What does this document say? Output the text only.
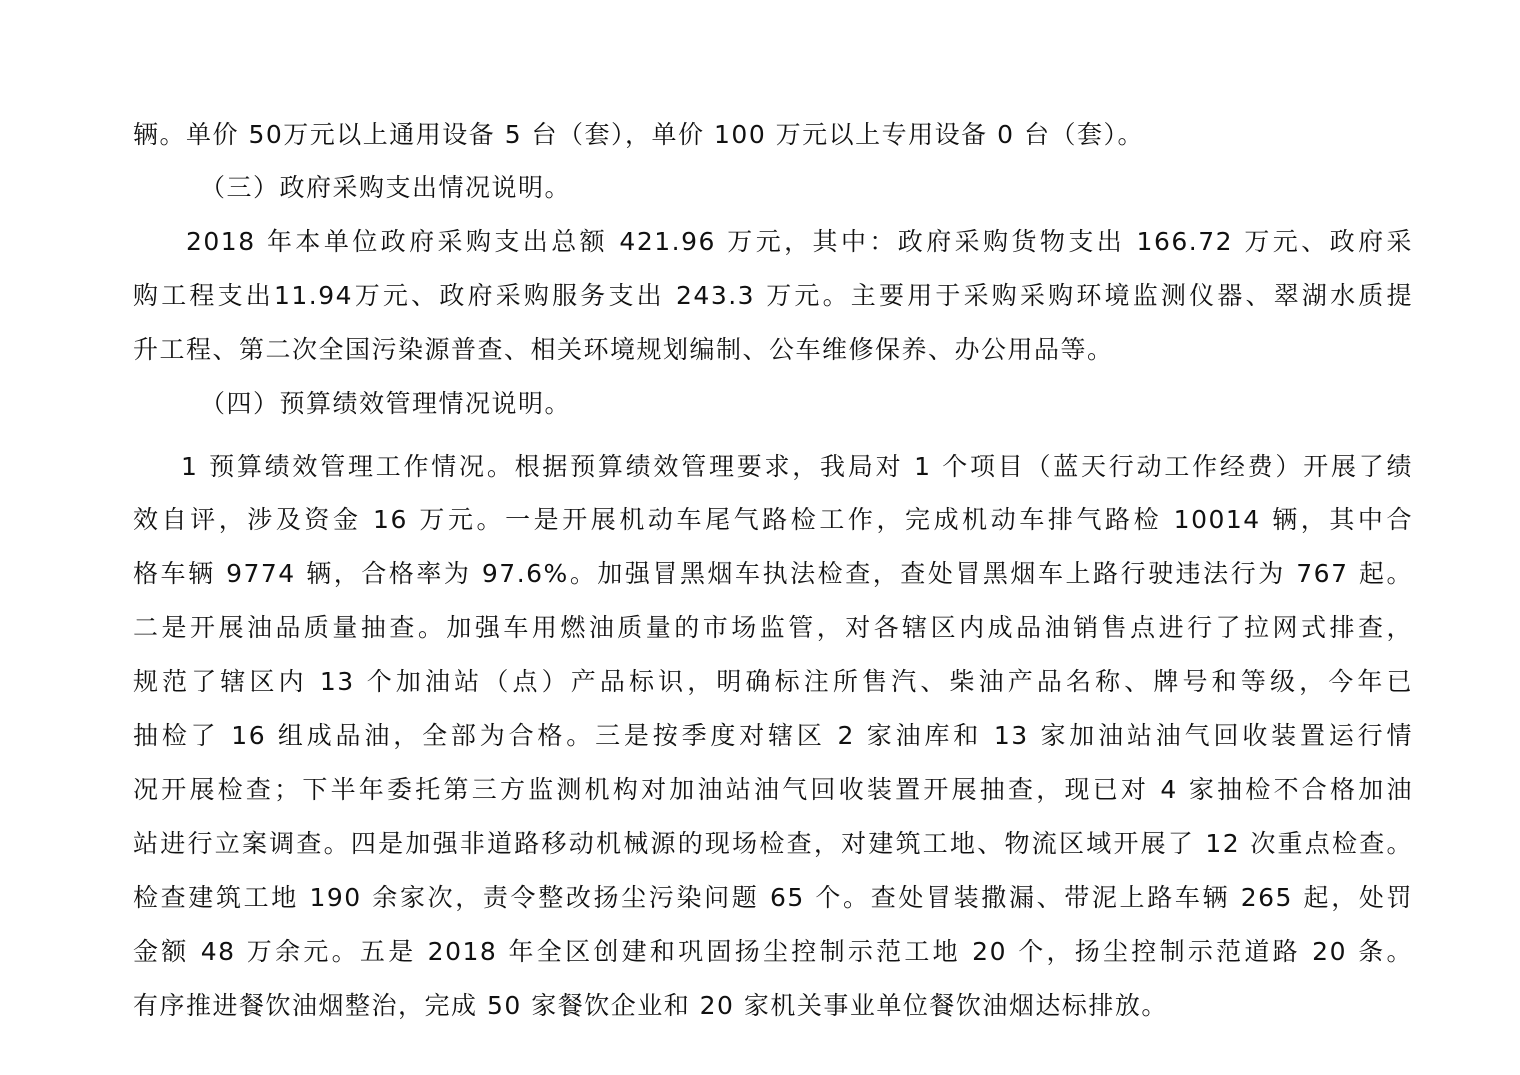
辆。单价 50万元以上通用设备 5 台（套），单价 100 万元以上专用设备 0 台（套）。
（三）政府采购支出情况说明。
2018 年本单位政府采购支出总额 421.96 万元，其中：政府采购货物支出 166.72 万元、政府采
购工程支出11.94万元、政府采购服务支出 243.3 万元。主要用于采购采购环境监测仪器、翠湖水质提
升工程、第二次全国污染源普查、相关环境规划编制、公车维修保养、办公用品等。
（四）预算绩效管理情况说明。
1 预算绩效管理工作情况。根据预算绩效管理要求，我局对 1 个项目（蓝天行动工作经费）开展了绩
效自评，涉及资金 16 万元。一是开展机动车尾气路检工作，完成机动车排气路检 10014 辆，其中合
格车辆 9774 辆，合格率为 97.6%。加强冒黑烟车执法检查，查处冒黑烟车上路行驶违法行为 767 起。
二是开展油品质量抽查。加强车用燃油质量的市场监管，对各辖区内成品油销售点进行了拉网式排查，
规范了辖区内 13 个加油站（点）产品标识，明确标注所售汽、柴油产品名称、牌号和等级，今年已
抽检了 16 组成品油，全部为合格。三是按季度对辖区 2 家油库和 13 家加油站油气回收装置运行情
况开展检查；下半年委托第三方监测机构对加油站油气回收装置开展抽查，现已对 4 家抽检不合格加油
站进行立案调查。四是加强非道路移动机械源的现场检查，对建筑工地、物流区域开展了 12 次重点检查。
检查建筑工地 190 余家次，责令整改扬尘污染问题 65 个。查处冒装撒漏、带泥上路车辆 265 起，处罚
金额 48 万余元。五是 2018 年全区创建和巩固扬尘控制示范工地 20 个，扬尘控制示范道路 20 条。
有序推进餐饮油烟整治，完成 50 家餐饮企业和 20 家机关事业单位餐饮油烟达标排放。
